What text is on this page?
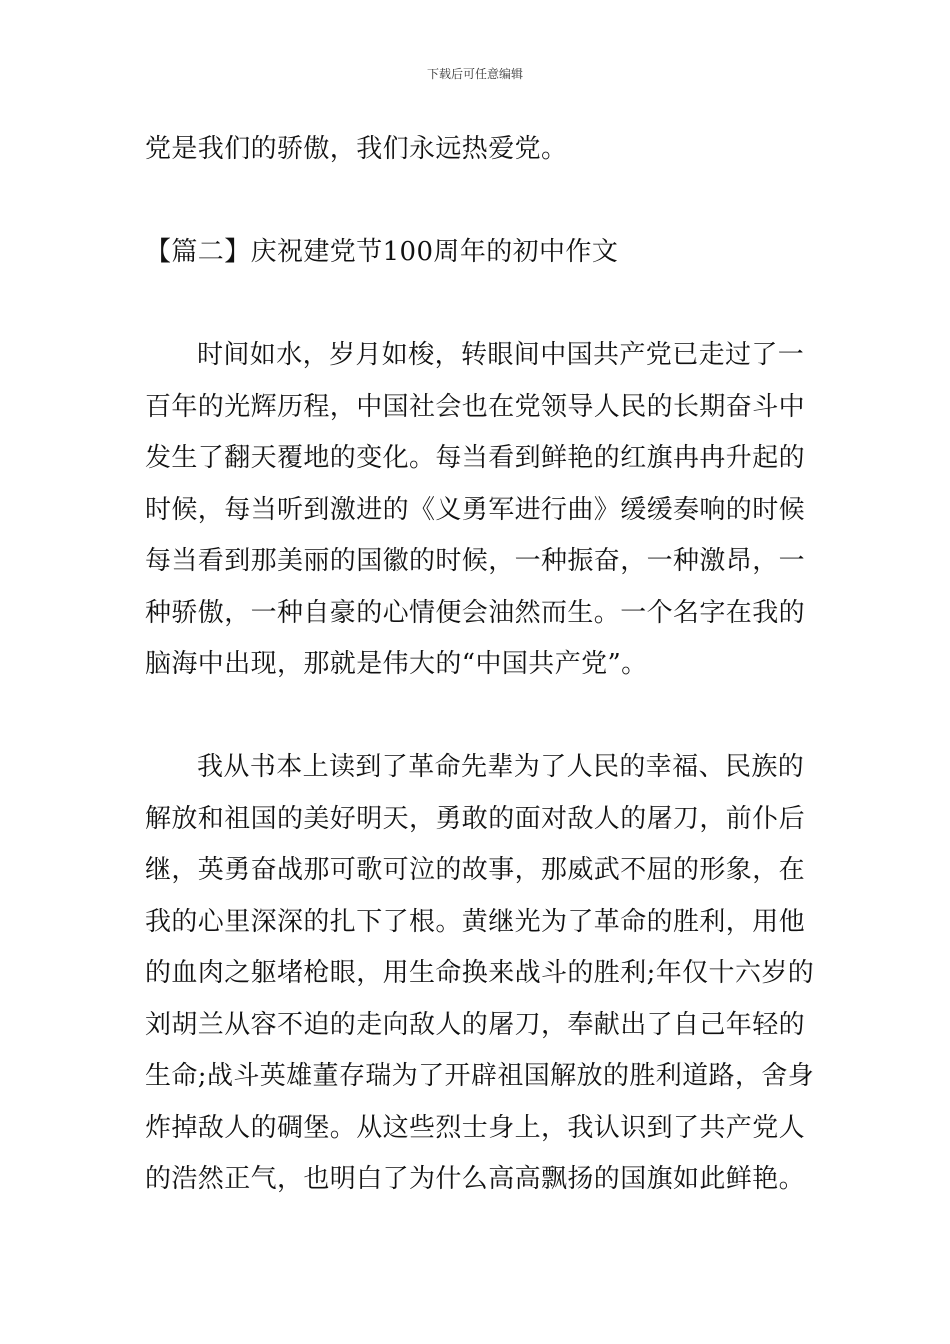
下载后可任意编辑
党是我们的骄傲，我们永远热爱党。
【篇二】庆祝建党节100周年的初中作文
时间如水，岁月如梭，转眼间中国共产党已走过了一
百年的光辉历程，中国社会也在党领导人民的长期奋斗中
发生了翻天覆地的变化。每当看到鲜艳的红旗冉冉升起的
时候，每当听到激进的《义勇军进行曲》缓缓奏响的时候
每当看到那美丽的国徽的时候，一种振奋，一种激昂，一
种骄傲，一种自豪的心情便会油然而生。一个名字在我的
脑海中出现，那就是伟大的“中国共产党”。
我从书本上读到了革命先辈为了人民的幸福、民族的
解放和祖国的美好明天，勇敢的面对敌人的屠刀，前仆后
继，英勇奋战那可歌可泣的故事，那威武不屈的形象，在
我的心里深深的扎下了根。黄继光为了革命的胜利，用他
的血肉之躯堵枪眼，用生命换来战斗的胜利;年仅十六岁的
刘胡兰从容不迫的走向敌人的屠刀，奉献出了自己年轻的
生命;战斗英雄董存瑞为了开辟祖国解放的胜利道路，舍身
炸掉敌人的碉堡。从这些烈士身上，我认识到了共产党人
的浩然正气，也明白了为什么高高飘扬的国旗如此鲜艳。
